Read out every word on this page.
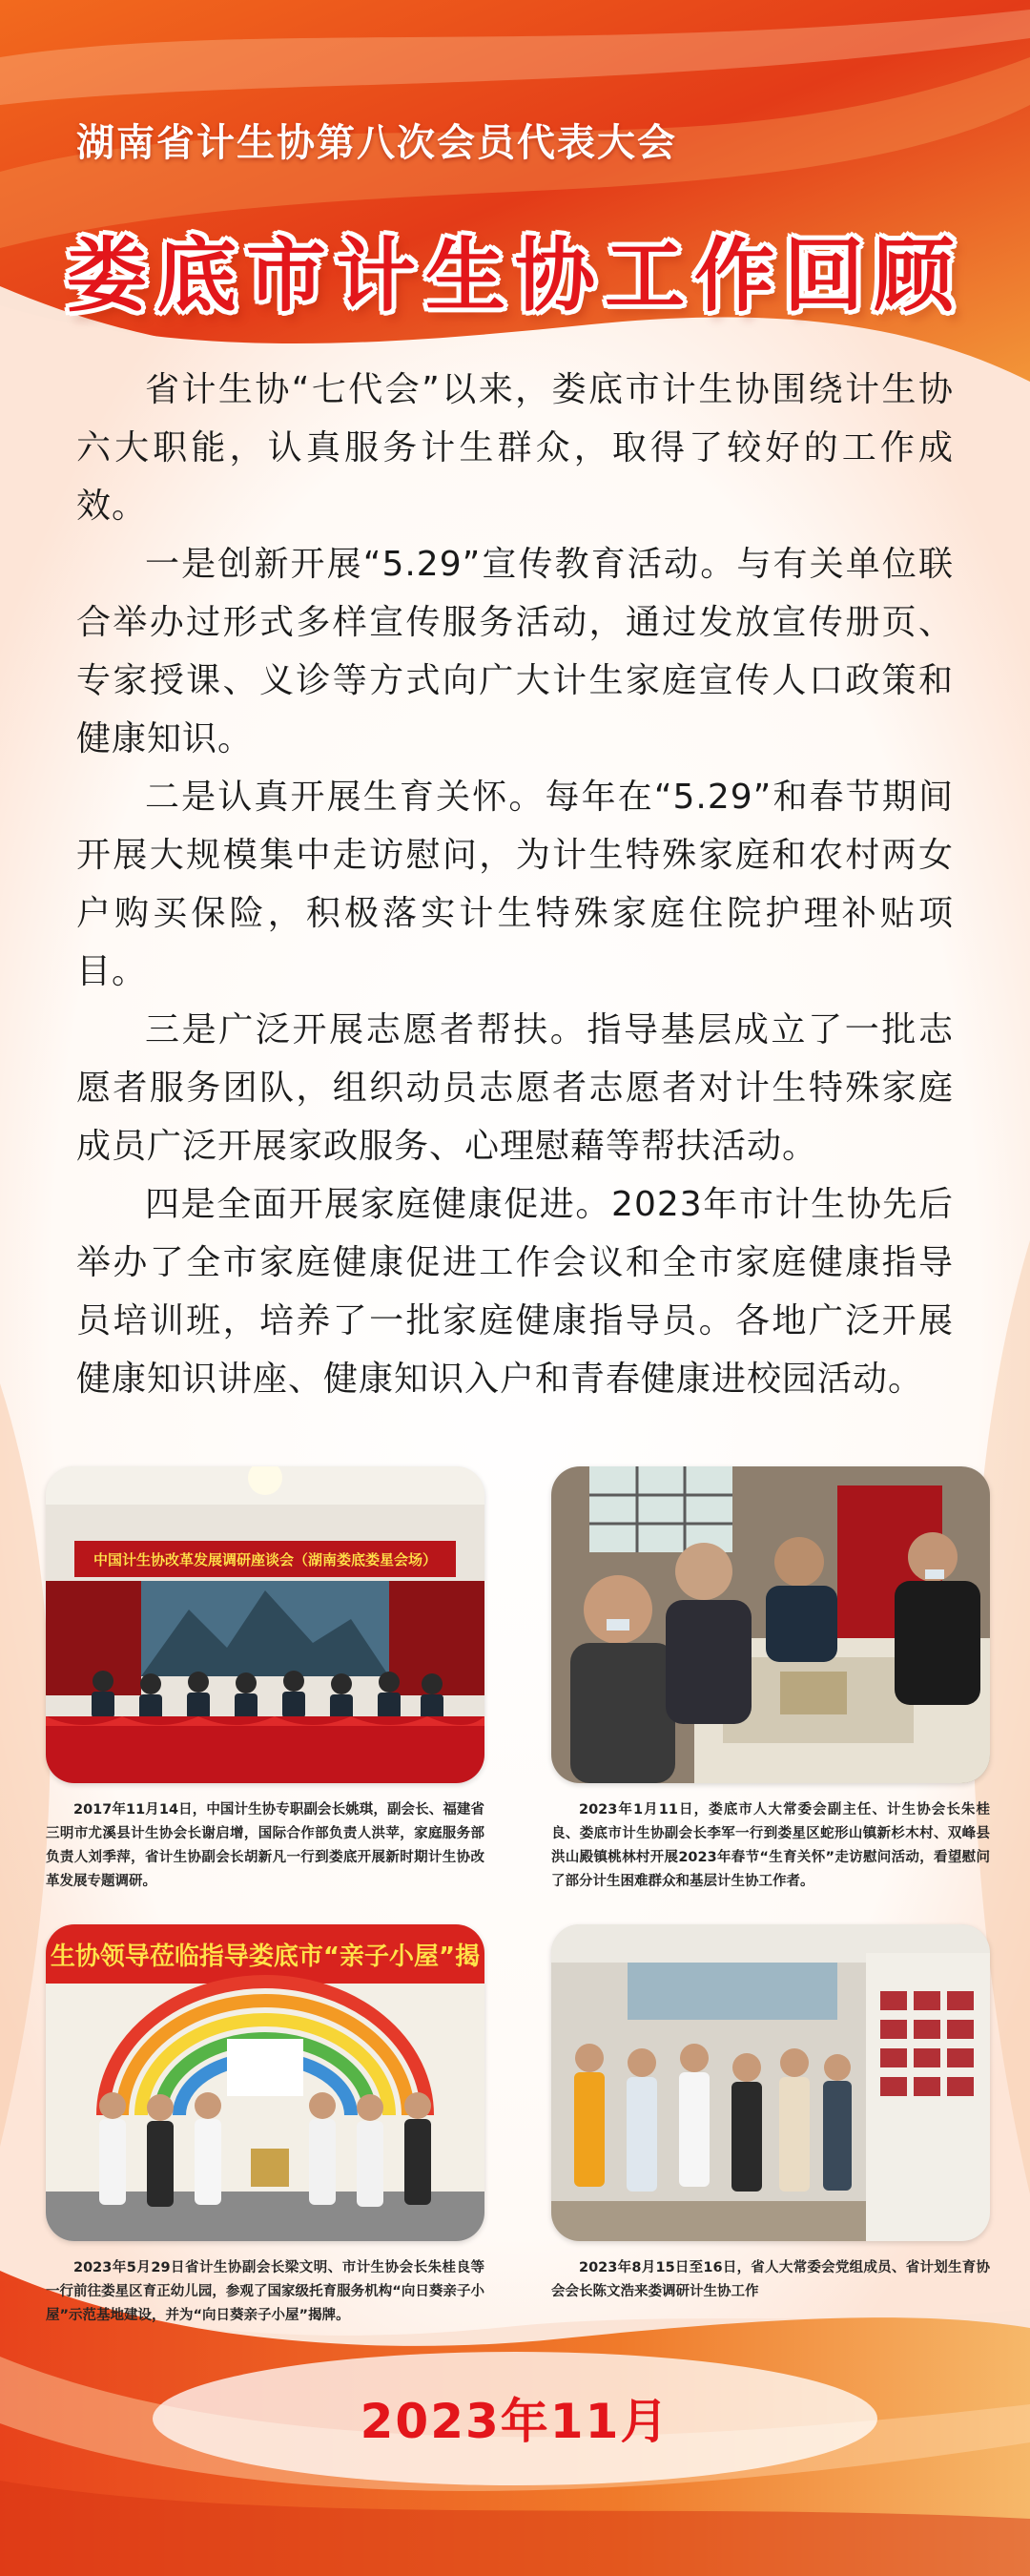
湖南省计生协第八次会员代表大会
娄底市计生协工作回顾

省计生协“七代会”以来，娄底市计生协围绕计生协六大职能，认真服务计生群众，取得了较好的工作成效。

一是创新开展“5.29”宣传教育活动。与有关单位联合举办过形式多样宣传服务活动，通过发放宣传册页、专家授课、义诊等方式向广大计生家庭宣传人口政策和健康知识。

二是认真开展生育关怀。每年在“5.29”和春节期间开展大规模集中走访慰问，为计生特殊家庭和农村两女户购买保险，积极落实计生特殊家庭住院护理补贴项目。

三是广泛开展志愿者帮扶。指导基层成立了一批志愿者服务团队，组织动员志愿者志愿者对计生特殊家庭成员广泛开展家政服务、心理慰藉等帮扶活动。

四是全面开展家庭健康促进。2023年市计生协先后举办了全市家庭健康促进工作会议和全市家庭健康指导员培训班，培养了一批家庭健康指导员。各地广泛开展健康知识讲座、健康知识入户和青春健康进校园活动。

中国计生协改革发展调研座谈会（湖南娄底娄星会场）
2017年11月14日，中国计生协专职副会长姚琪，副会长、福建省三明市尤溪县计生协会长谢启增，国际合作部负责人洪苹，家庭服务部负责人刘季萍，省计生协副会长胡新凡一行到娄底开展新时期计生协改革发展专题调研。
2023年1月11日，娄底市人大常委会副主任、计生协会长朱桂良、娄底市计生协副会长李军一行到娄星区蛇形山镇新杉木村、双峰县洪山殿镇桃林村开展2023年春节“生育关怀”走访慰问活动，看望慰问了部分计生困难群众和基层计生协工作者。
生协领导莅临指导娄底市“亲子小屋”揭
2023年5月29日省计生协副会长梁文明、市计生协会长朱桂良等一行前往娄星区育正幼儿园，参观了国家级托育服务机构“向日葵亲子小屋”示范基地建设，并为“向日葵亲子小屋”揭牌。
2023年8月15日至16日，省人大常委会党组成员、省计划生育协会会长陈文浩来娄调研计生协工作
2023年11月
